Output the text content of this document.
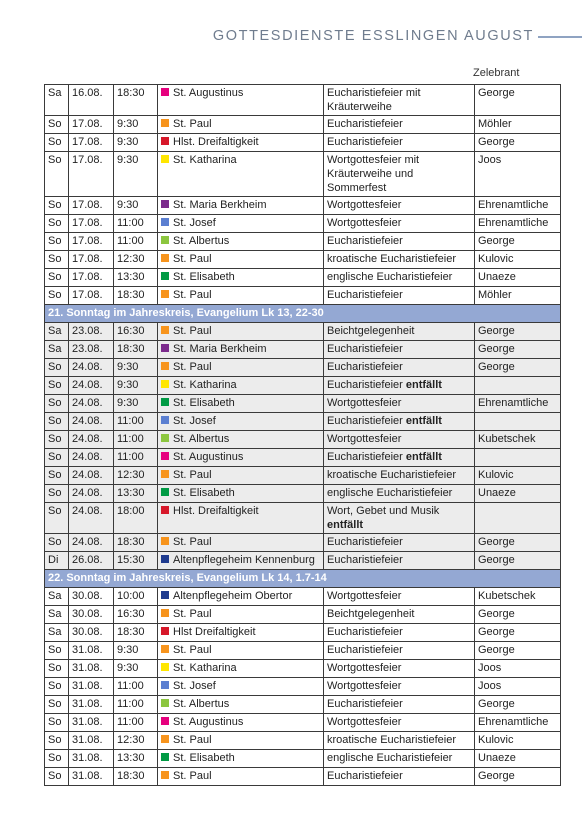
GOTTESDIENSTE ESSLINGEN AUGUST
Zelebrant
Sa	16.08.	18:30	St. Augustinus	Eucharistiefeier mit Kräuterweihe	George
So	17.08.	9:30	St. Paul	Eucharistiefeier	Möhler
So	17.08.	9:30	Hlst. Dreifaltigkeit	Eucharistiefeier	George
So	17.08.	9:30	St. Katharina	Wortgottesfeier mit Kräuterweihe und Sommerfest	Joos
So	17.08.	9:30	St. Maria Berkheim	Wortgottesfeier	Ehrenamtliche
So	17.08.	11:00	St. Josef	Wortgottesfeier	Ehrenamtliche
So	17.08.	11:00	St. Albertus	Eucharistiefeier	George
So	17.08.	12:30	St. Paul	kroatische Eucharistiefeier	Kulovic
So	17.08.	13:30	St. Elisabeth	englische Eucharistiefeier	Unaeze
So	17.08.	18:30	St. Paul	Eucharistiefeier	Möhler
21. Sonntag im Jahreskreis, Evangelium Lk 13, 22-30					
Sa	23.08.	16:30	St. Paul	Beichtgelegenheit	George
Sa	23.08.	18:30	St. Maria Berkheim	Eucharistiefeier	George
So	24.08.	9:30	St. Paul	Eucharistiefeier	George
So	24.08.	9:30	St. Katharina	Eucharistiefeier entfällt	
So	24.08.	9:30	St. Elisabeth	Wortgottesfeier	Ehrenamtliche
So	24.08.	11:00	St. Josef	Eucharistiefeier entfällt	
So	24.08.	11:00	St. Albertus	Wortgottesfeier	Kubetschek
So	24.08.	11:00	St. Augustinus	Eucharistiefeier entfällt	
So	24.08.	12:30	St. Paul	kroatische Eucharistiefeier	Kulovic
So	24.08.	13:30	St. Elisabeth	englische Eucharistiefeier	Unaeze
So	24.08.	18:00	Hlst. Dreifaltigkeit	Wort, Gebet und Musik
entfällt	
So	24.08.	18:30	St. Paul	Eucharistiefeier	George
Di	26.08.	15:30	Altenpflegeheim Kennenburg	Eucharistiefeier	George
22. Sonntag im Jahreskreis, Evangelium Lk 14, 1.7-14					
Sa	30.08.	10:00	Altenpflegeheim Obertor	Wortgottesfeier	Kubetschek
Sa	30.08.	16:30	St. Paul	Beichtgelegenheit	George
Sa	30.08.	18:30	Hlst Dreifaltigkeit	Eucharistiefeier	George
So	31.08.	9:30	St. Paul	Eucharistiefeier	George
So	31.08.	9:30	St. Katharina	Wortgottesfeier	Joos
So	31.08.	11:00	St. Josef	Wortgottesfeier	Joos
So	31.08.	11:00	St. Albertus	Eucharistiefeier	George
So	31.08.	11:00	St. Augustinus	Wortgottesfeier	Ehrenamtliche
So	31.08.	12:30	St. Paul	kroatische Eucharistiefeier	Kulovic
So	31.08.	13:30	St. Elisabeth	englische Eucharistiefeier	Unaeze
So	31.08.	18:30	St. Paul	Eucharistiefeier	George
